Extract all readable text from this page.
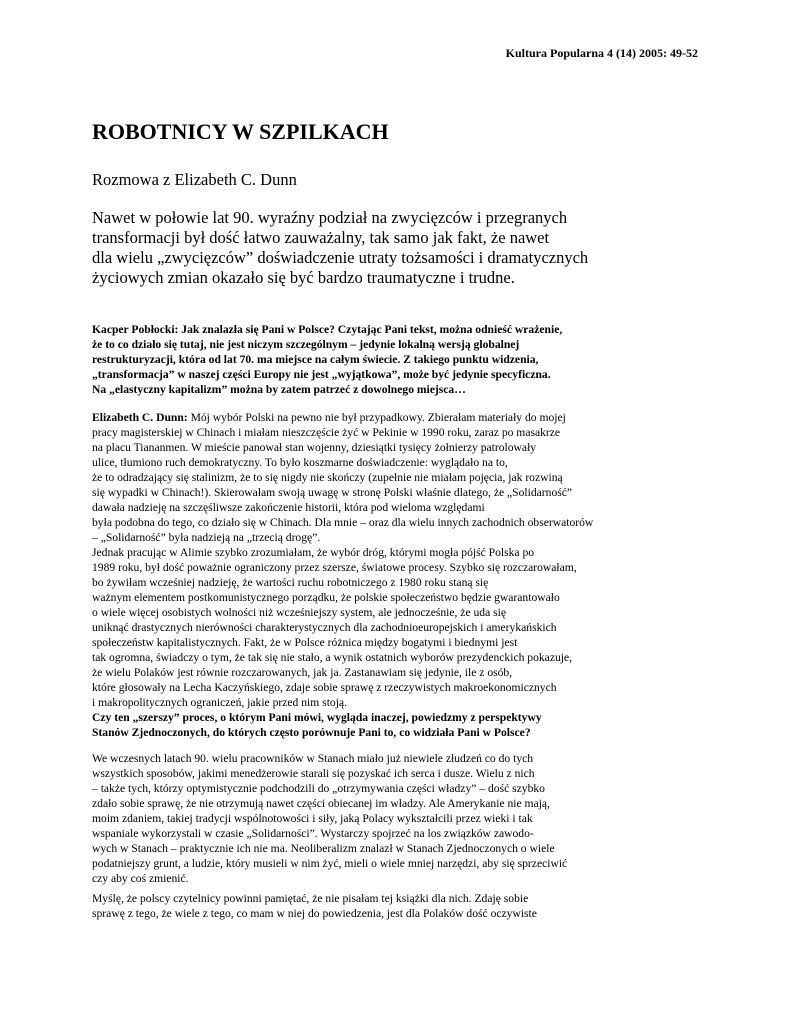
Kultura Popularna 4 (14) 2005: 49-52
ROBOTNICY W SZPILKACH
Rozmowa z Elizabeth C. Dunn
Nawet w połowie lat 90. wyraźny podział na zwycięzców i przegranych
transformacji był dość łatwo zauważalny, tak samo jak fakt, że nawet
dla wielu „zwycięzców” doświadczenie utraty tożsamości i dramatycznych
życiowych zmian okazało się być bardzo traumatyczne i trudne.
Kacper Pobłocki: Jak znalazła się Pani w Polsce? Czytając Pani tekst, można odnieść wrażenie,
że to co działo się tutaj, nie jest niczym szczególnym – jedynie lokalną wersją globalnej
restrukturyzacji, która od lat 70. ma miejsce na całym świecie. Z takiego punktu widzenia,
„transformacja” w naszej części Europy nie jest „wyjątkowa”, może być jedynie specyficzna.
Na „elastyczny kapitalizm” można by zatem patrzeć z dowolnego miejsca…
Elizabeth C. Dunn: Mój wybór Polski na pewno nie był przypadkowy. Zbierałam materiały do mojej
pracy magisterskiej w Chinach i miałam nieszczęście żyć w Pekinie w 1990 roku, zaraz po masakrze
na placu Tiananmen. W mieście panował stan wojenny, dziesiątki tysięcy żołnierzy patrolowały
ulice, tłumiono ruch demokratyczny. To było koszmarne doświadczenie: wyglądało na to,
że to odradzający się stalinizm, że to się nigdy nie skończy (zupełnie nie miałam pojęcia, jak rozwiną
się wypadki w Chinach!). Skierowałam swoją uwagę w stronę Polski właśnie dlatego, że „Solidarność”
dawała nadzieję na szczęśliwsze zakończenie historii, która pod wieloma względami
była podobna do tego, co działo się w Chinach. Dla mnie – oraz dla wielu innych zachodnich obserwatorów
– „Solidarność” była nadzieją na „trzecią drogę”.
Jednak pracując w Alimie szybko zrozumiałam, że wybór dróg, którymi mogła pójść Polska po
1989 roku, był dość poważnie ograniczony przez szersze, światowe procesy. Szybko się rozczarowałam,
bo żywiłam wcześniej nadzieję, że wartości ruchu robotniczego z 1980 roku staną się
ważnym elementem postkomunistycznego porządku, że polskie społeczeństwo będzie gwarantowało
o wiele więcej osobistych wolności niż wcześniejszy system, ale jednocześnie, że uda się
uniknąć drastycznych nierówności charakterystycznych dla zachodnioeuropejskich i amerykańskich
społeczeństw kapitalistycznych. Fakt, że w Polsce różnica między bogatymi i biednymi jest
tak ogromna, świadczy o tym, że tak się nie stało, a wynik ostatnich wyborów prezydenckich pokazuje,
że wielu Polaków jest równie rozczarowanych, jak ja. Zastanawiam się jedynie, ile z osób,
które głosowały na Lecha Kaczyńskiego, zdaje sobie sprawę z rzeczywistych makroekonomicznych
i makropolitycznych ograniczeń, jakie przed nim stoją.
Czy ten „szerszy” proces, o którym Pani mówi, wygląda inaczej, powiedzmy z perspektywy
Stanów Zjednoczonych, do których często porównuje Pani to, co widziała Pani w Polsce?
We wczesnych latach 90. wielu pracowników w Stanach miało już niewiele złudzeń co do tych
wszystkich sposobów, jakimi menedżerowie starali się pozyskać ich serca i dusze. Wielu z nich
– także tych, którzy optymistycznie podchodzili do „otrzymywania części władzy” – dość szybko
zdało sobie sprawę, że nie otrzymują nawet części obiecanej im władzy. Ale Amerykanie nie mają,
moim zdaniem, takiej tradycji wspólnotowości i siły, jaką Polacy wykształcili przez wieki i tak
wspaniale wykorzystali w czasie „Solidarności”. Wystarczy spojrzeć na los związków zawodo-
wych w Stanach – praktycznie ich nie ma. Neoliberalizm znalazł w Stanach Zjednoczonych o wiele
podatniejszy grunt, a ludzie, który musieli w nim żyć, mieli o wiele mniej narzędzi, aby się sprzeciwić
czy aby coś zmienić.
Myślę, że polscy czytelnicy powinni pamiętać, że nie pisałam tej książki dla nich. Zdaję sobie
sprawę z tego, że wiele z tego, co mam w niej do powiedzenia, jest dla Polaków dość oczywiste
